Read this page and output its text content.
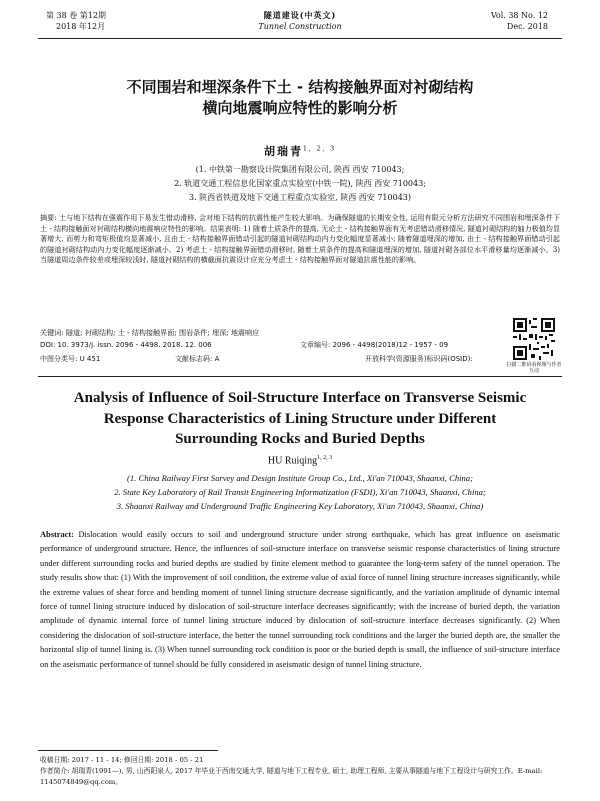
第 38 卷 第12期
2018 年12月
隧道建设(中英文)
Tunnel Construction
Vol. 38 No. 12
Dec. 2018
不同围岩和埋深条件下土 - 结构接触界面对衬砌结构
横向地震响应特性的影响分析
胡瑞青$^{1, 2, 3}$
(1. 中铁第一勘察设计院集团有限公司, 陕西 西安 710043;
2. 轨道交通工程信息化国家重点实验室(中铁一院), 陕西 西安 710043;
3. 陕西省铁道及地下交通工程重点实验室, 陕西 西安 710043)
摘要: 土与地下结构在强震作用下易发生错动滑移, 会对地下结构的抗震性能产生较大影响。为确保隧道的长期安全性, 运用有限元分析方法研究不同围岩和埋深条件下土 - 结构接触面对衬砌结构横向地震响应特性的影响。结果表明: 1) 随着土质条件的提高, 无论土 - 结构接触界面有无考虑错动滑移情况, 隧道衬砌结构的轴力极值均显著增大, 而剪力和弯矩极值均显著减小, 且由土 - 结构接触界面错动引起的隧道衬砌结构动内力变化幅度显著减小; 随着隧道埋深的增加, 由土 - 结构接触界面错动引起的隧道衬砌结构动内力变化幅度逐渐减小。2) 考虑土 - 结构接触界面错动滑移时, 随着土质条件的提高和隧道埋深的增加, 隧道衬砌各部位水平滑移量均逐渐减小。3) 当隧道周边条件较差或埋深较浅时, 隧道衬砌结构的横截面抗震设计应充分考虑土 - 结构接触界面对隧道抗震性能的影响。
关键词: 隧道; 衬砌结构; 土 - 结构接触界面; 围岩条件; 埋深; 地震响应
DOI: 10. 3973/j. issn. 2096 - 4498. 2018. 12. 006	文章编号: 2096 - 4498(2018)12 - 1957 - 09
中图分类号: U 451	文献标志码: A	开放科学(资源服务)标识码(OSID):
扫描二维码看视频与作者互动
Analysis of Influence of Soil-Structure Interface on Transverse Seismic
Response Characteristics of Lining Structure under Different
Surrounding Rocks and Buried Depths
HU Ruiqing$^{1, 2, 3}$
(1. China Railway First Survey and Design Institute Group Co., Ltd., Xi'an 710043, Shaanxi, China;
2. State Key Laboratory of Rail Transit Engineering Informatization (FSDI), Xi'an 710043, Shaanxi, China;
3. Shaanxi Railway and Underground Traffic Engineering Key Laboratory, Xi'an 710043, Shaanxi, China)
Abstract: Dislocation would easily occurs to soil and underground structure under strong earthquake, which has great influence on aseismatic performance of underground structure. Hence, the influences of soil-structure interface on transverse seismic response characteristics of lining structure under different surrounding rocks and buried depths are studied by finite element method to guarantee the long-term safety of the tunnel operation. The study results show that: (1) With the improvement of soil condition, the extreme value of axial force of tunnel lining structure increases significantly, while the extreme values of shear force and bending moment of tunnel lining structure decrease significantly, and the variation amplitude of dynamic internal force of tunnel lining structure induced by dislocation of soil-structure interface decreases significantly; with the increase of buried depth, the variation amplitude of dynamic internal force of tunnel lining structure induced by dislocation of soil-structure interface decreases significantly. (2) When considering the dislocation of soil-structure interface, the better the tunnel surrounding rock conditions and the larger the buried depth are, the smaller the horizontal slip of tunnel lining is. (3) When tunnel surrounding rock condition is poor or the buried depth is small, the influence of soil-structure interface on the aseismatic performance of tunnel should be fully considered in aseismatic design of tunnel lining structure.
收稿日期: 2017 - 11 - 14; 修回日期: 2018 - 05 - 21
作者简介: 胡瑞青(1991—), 男, 山西阳泉人, 2017 年毕业于西南交通大学, 隧道与地下工程专业, 硕士, 助理工程师, 主要从事隧道与地下工程设计与研究工作。E-mail: 1145074849@qq.com。
